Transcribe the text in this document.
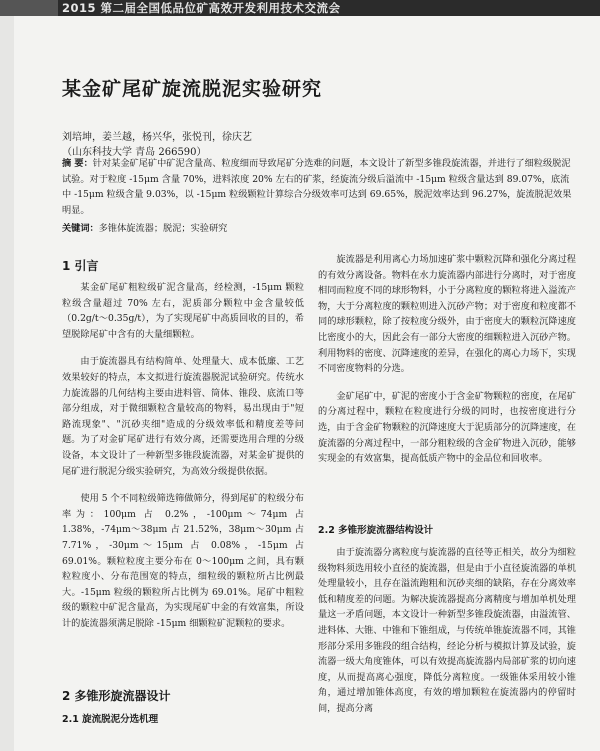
2015 第二届全国低品位矿高效开发利用技术交流会
某金矿尾矿旋流脱泥实验研究
刘培坤，姜兰越，杨兴华，张悦刊，徐庆艺
（山东科技大学 青岛 266590）
摘 要：针对某金矿尾矿中矿泥含量高、粒度细而导致尾矿分选难的问题，本文设计了新型多锥段旋流器，并进行了细粒级脱泥试验。对于粒度 -15μm 含量 70%，进料浓度 20% 左右的矿浆，经旋流分级后溢流中 -15μm 粒级含量达到 89.07%，底流中 -15μm 粒级含量 9.03%，以 -15μm 粒级颗粒计算综合分级效率可达到 69.65%，脱泥效率达到 96.27%，旋流脱泥效果明显。
关键词：多锥体旋流器；脱泥；实验研究
1 引言

某金矿尾矿粗粒级矿泥含量高，经检测，-15μm 颗粒粒级含量超过 70% 左右，泥质部分颗粒中金含量较低（0.2g/t～0.35g/t），为了实现尾矿中高质回收的目的，希望脱除尾矿中含有的大量细颗粒。

由于旋流器具有结构简单、处理量大、成本低廉、工艺效果较好的特点，本文拟进行旋流器脱泥试验研究。传统水力旋流器的几何结构主要由进料管、筒体、锥段、底流口等部分组成，对于微细颗粒含量较高的物料，易出现由于"短路流现象"、"沉砂夹细"造成的分级效率低和精度差等问题。为了对金矿尾矿进行有效分离，还需要选用合理的分级设备，本文设计了一种新型多锥段旋流器，对某金矿提供的尾矿进行脱泥分级实验研究，为高效分级提供依据。

使用 5 个不同粒级筛选筛做筛分，得到尾矿的粒级分布率为：100μm 占 0.2%，-100μm～74μm 占 1.38%，-74μm～38μm 占 21.52%，38μm～30μm 占 7.71%，-30μm～15μm 占 0.08%，-15μm 占 69.01%。颗粒粒度主要分布在 0～100μm 之间，具有颗粒粒度小、分布范围宽的特点，细粒级的颗粒所占比例最大。-15μm 粒级的颗粒所占比例为 69.01%。尾矿中粗粒级的颗粒中矿泥含量高，为实现尾矿中金的有效富集，所设计的旋流器须满足脱除 -15μm 细颗粒矿泥颗粒的要求。

2 多锥形旋流器设计
2.1 旋流脱泥分选机理

旋流器是利用离心力场加速矿浆中颗粒沉降和强化分离过程的有效分离设备。物料在水力旋流器内部进行分离时，对于密度相同而粒度不同的球形物料，小于分离粒度的颗粒将进入溢流产物，大于分离粒度的颗粒则进入沉砂产物；对于密度和粒度都不同的球形颗粒，除了按粒度分级外，由于密度大的颗粒沉降速度比密度小的大，因此会有一部分大密度的细颗粒进入沉砂产物。利用物料的密度、沉降速度的差异，在强化的离心力场下，实现不同密度物料的分选。

金矿尾矿中，矿泥的密度小于含金矿物颗粒的密度，在尾矿的分离过程中，颗粒在粒度进行分级的同时，也按密度进行分选，由于含金矿物颗粒的沉降速度大于泥质部分的沉降速度，在旋流器的分离过程中，一部分粗粒级的含金矿物进入沉砂，能够实现金的有效富集，提高低质产物中的金品位和回收率。

2.2 多锥形旋流器结构设计

由于旋流器分离粒度与旋流器的直径等正相关，故分为细粒级物料须选用较小直径的旋流器，但是由于小直径旋流器的单机处理量较小，且存在溢流跑粗和沉砂夹细的缺陷，存在分离效率低和精度差的问题。为解决旋流器提高分离精度与增加单机处理量这一矛盾问题，本文设计一种新型多锥段旋流器，由溢流管、进料体、大锥、中锥和下锥组成，与传统单锥旋流器不同，其锥形部分采用多锥段的组合结构，经论分析与模拟计算及试验，旋流器一级大角度锥体，可以有效提高旋流器内局部矿浆的切向速度，从而提高离心强度，降低分离粒度。一级锥体采用较小锥角，通过增加锥体高度，有效的增加颗粒在旋流器内的停留时间，提高分离
